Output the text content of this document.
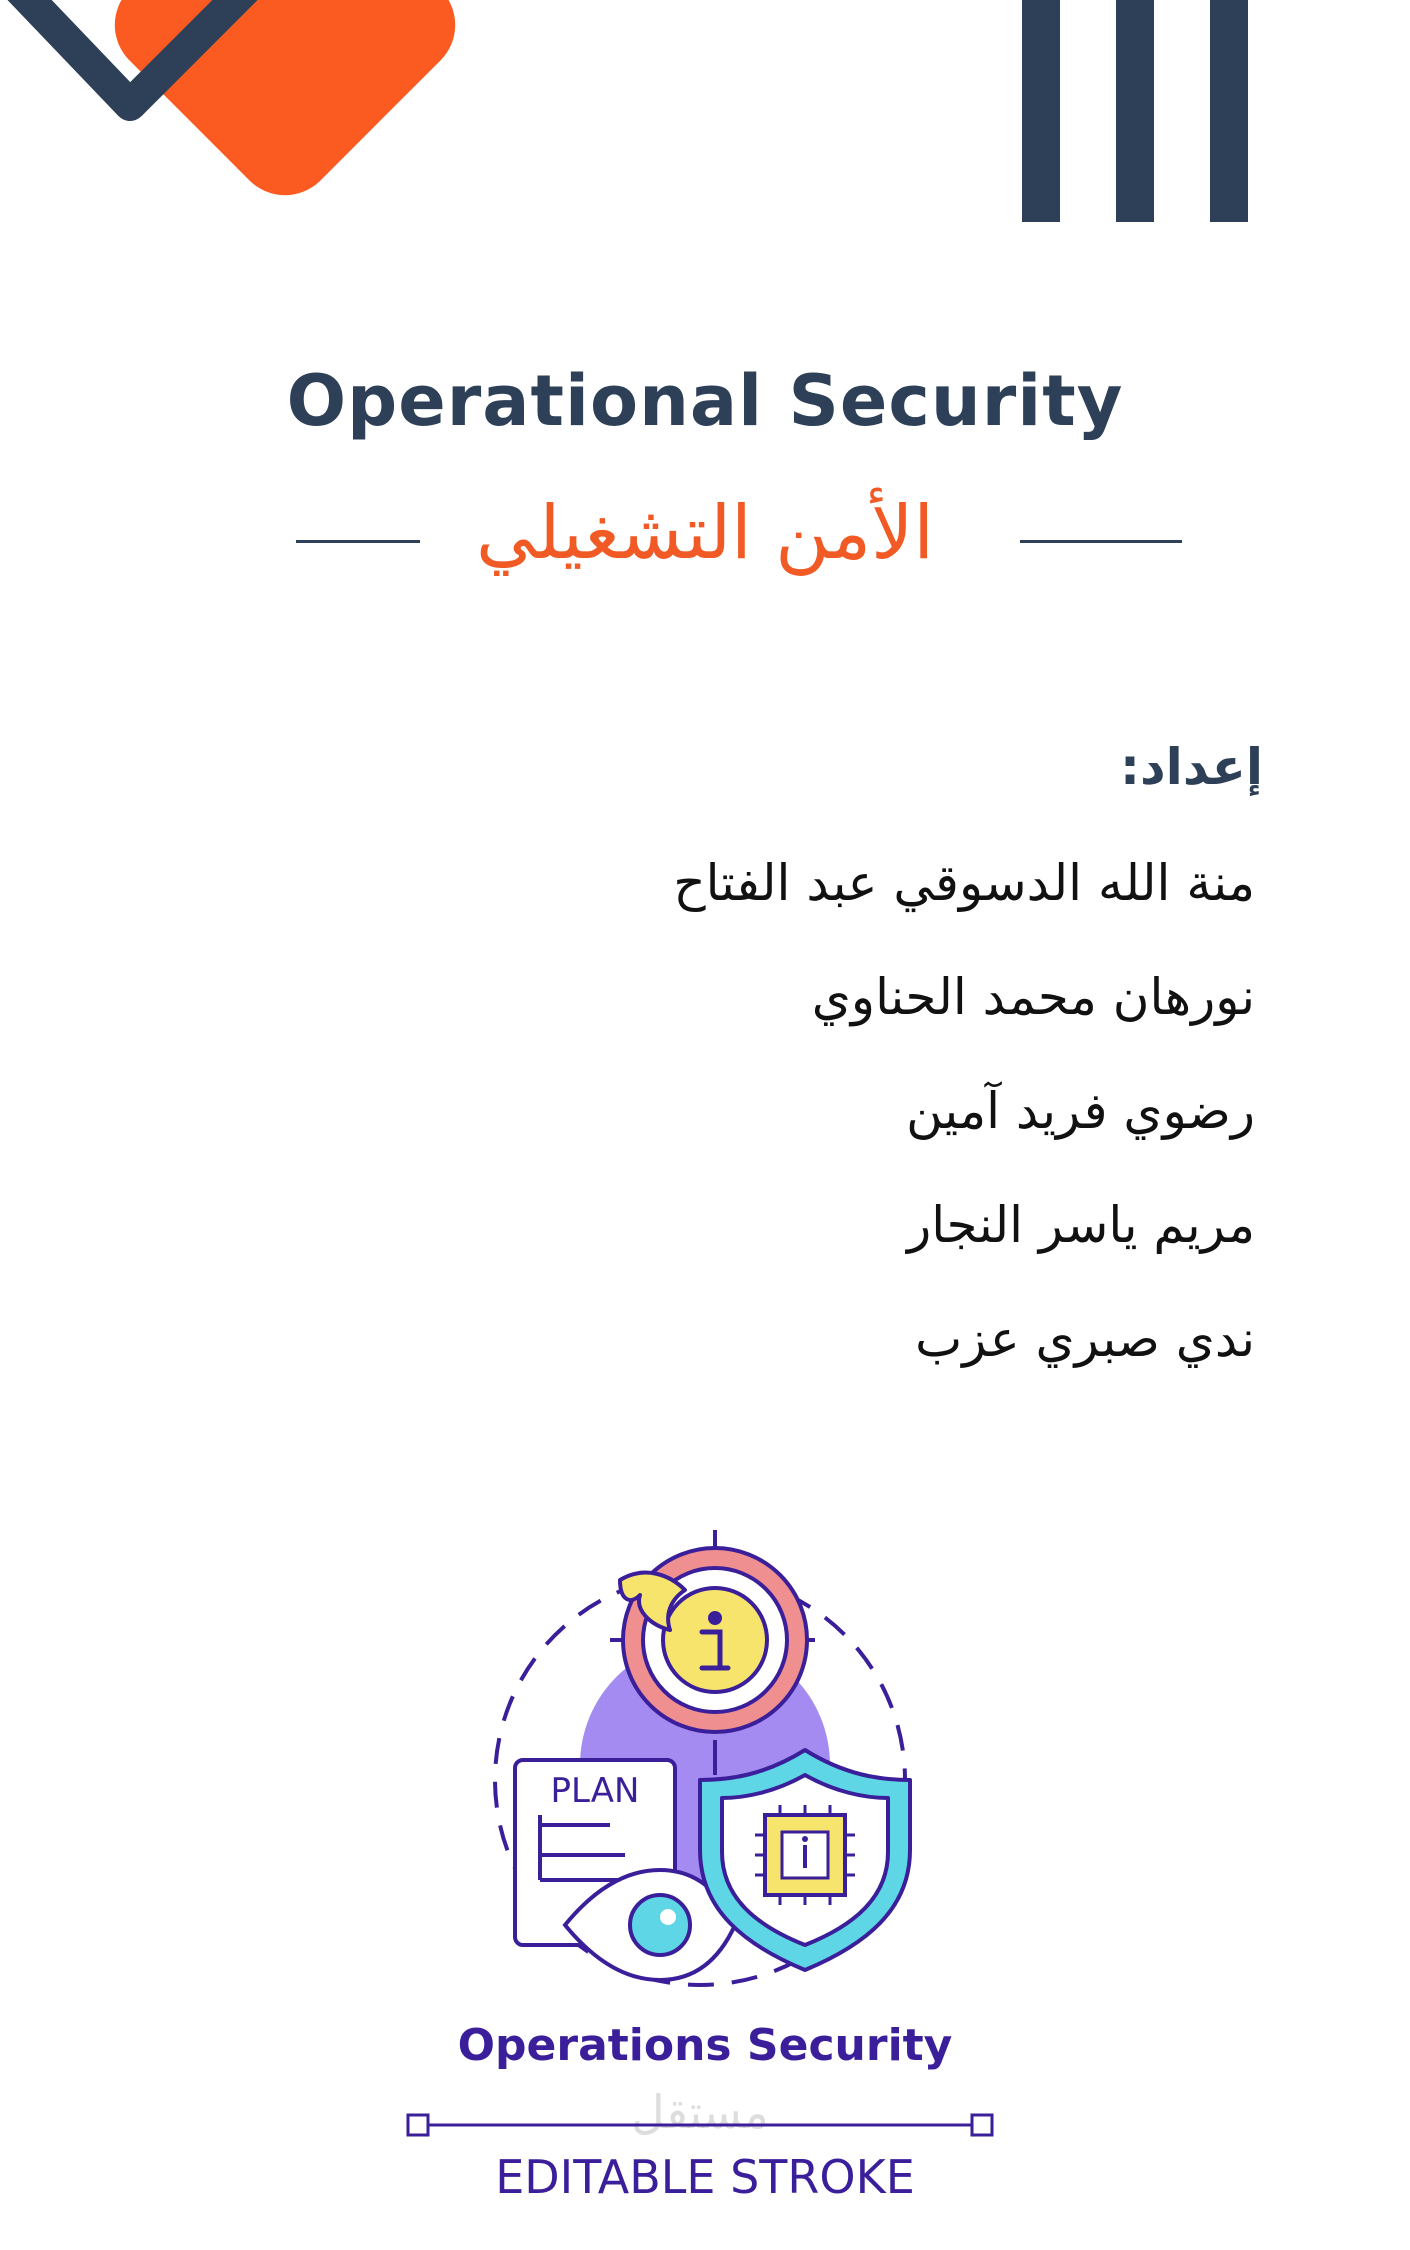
Operational Security
الأمن التشغيلي
إعداد:
منة الله الدسوقي عبد الفتاح
نورهان محمد الحناوي
رضوي فريد آمين
مريم ياسر النجار
ندي صبري عزب
PLAN
Operations Security
مستقل
EDITABLE STROKE
